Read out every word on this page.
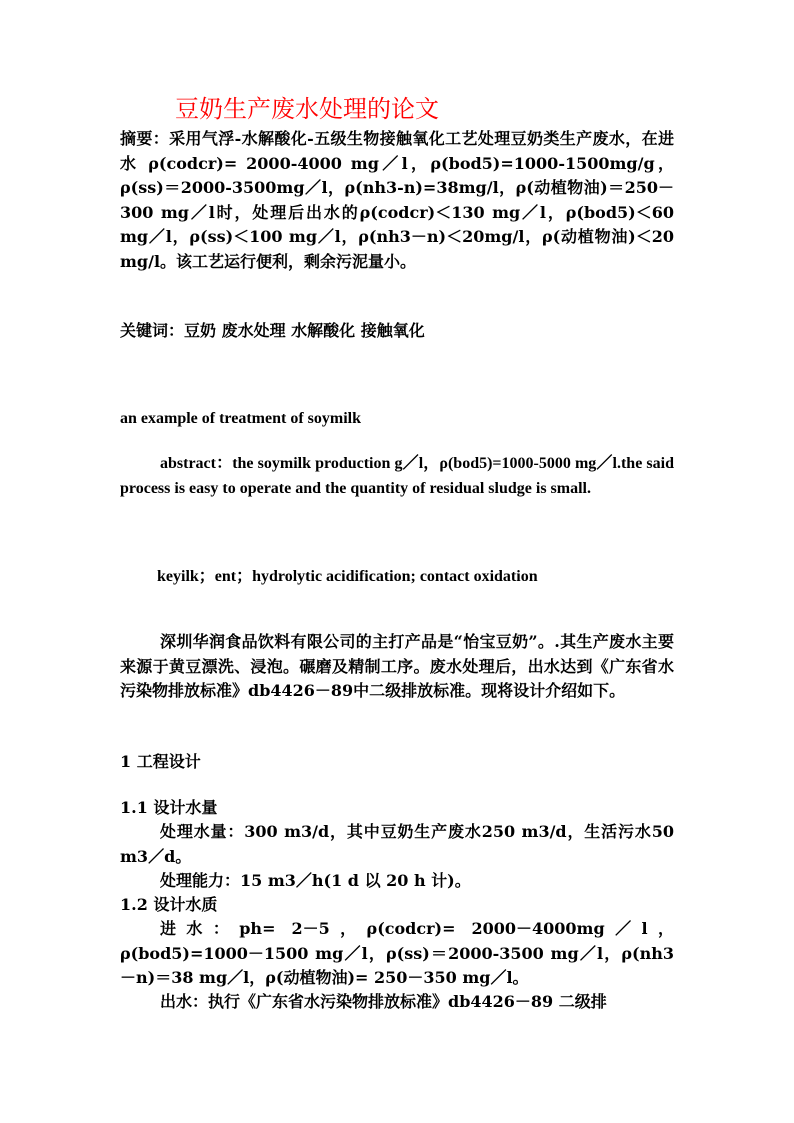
豆奶生产废水处理的论文

摘要：采用气浮-水解酸化-五级生物接触氧化工艺处理豆奶类生产废水，在进水 ρ(codcr)= 2000-4000 mg／l，ρ(bod5)=1000-1500mg/g，ρ(ss)＝2000-3500mg／l，ρ(nh3-n)=38mg/l，ρ(动植物油)＝250－300 mg／l时，处理后出水的ρ(codcr)＜130 mg／l，ρ(bod5)＜60 mg／l，ρ(ss)＜100 mg／l，ρ(nh3－n)＜20mg/l，ρ(动植物油)＜20 mg/l。该工艺运行便利，剩余污泥量小。

关键词：豆奶 废水处理 水解酸化 接触氧化

an example of treatment of soymilk

abstract：the soymilk production g／l，ρ(bod5)=1000-5000 mg／l.the said process is easy to operate and the quantity of residual sludge is small.

keyilk；ent；hydrolytic acidification; contact oxidation

深圳华润食品饮料有限公司的主打产品是“怡宝豆奶”。.其生产废水主要来源于黄豆漂洗、浸泡。碾磨及精制工序。废水处理后，出水达到《广东省水污染物排放标准》db4426－89中二级排放标准。现将设计介绍如下。

1 工程设计

1.1 设计水量

处理水量：300 m3/d，其中豆奶生产废水250 m3/d，生活污水50 m3／d。

处理能力：15 m3／h(1 d 以 20 h 计)。

1.2 设计水质

进水：ph= 2－5，ρ(codcr)= 2000－4000mg／l，ρ(bod5)=1000－1500 mg／l，ρ(ss)＝2000-3500 mg／l，ρ(nh3－n)＝38 mg／l，ρ(动植物油)= 250－350 mg／l。

出水：执行《广东省水污染物排放标准》db4426－89 二级排
